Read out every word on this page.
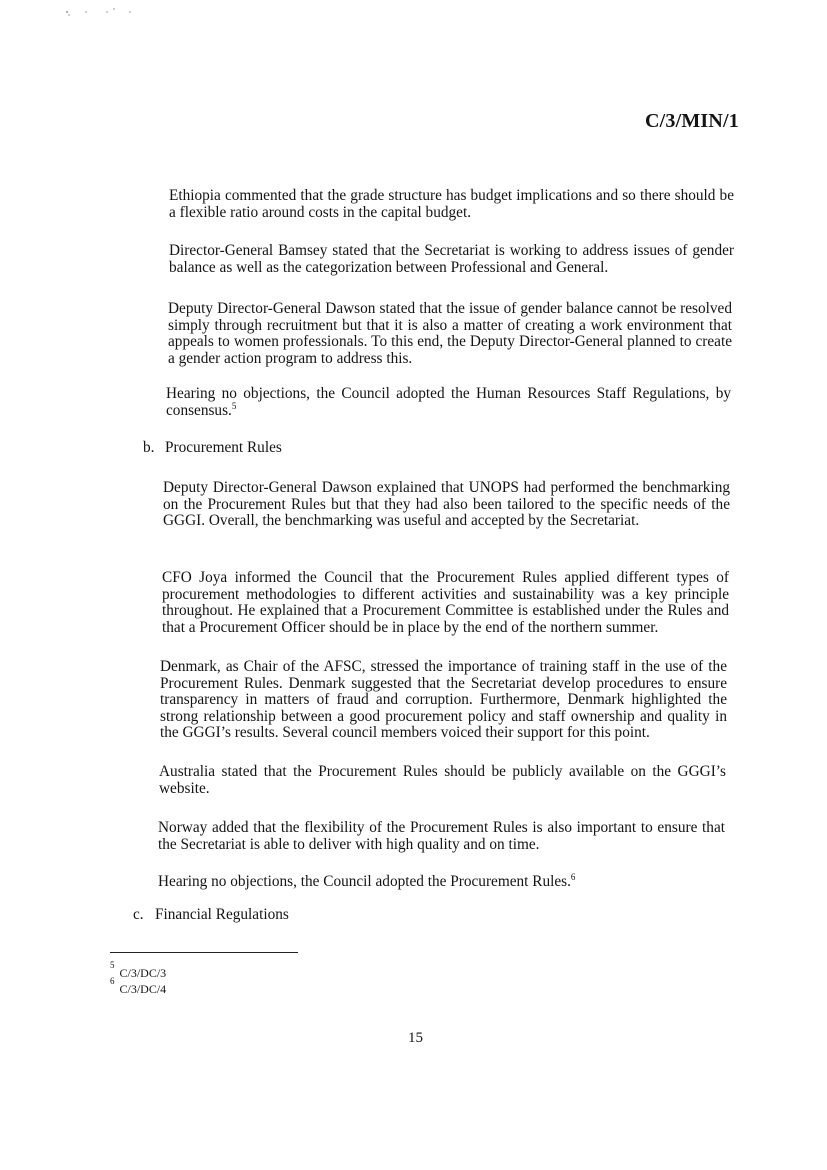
C/3/MIN/1

Ethiopia commented that the grade structure has budget implications and so there should be a flexible ratio around costs in the capital budget.

Director-General Bamsey stated that the Secretariat is working to address issues of gender balance as well as the categorization between Professional and General.

Deputy Director-General Dawson stated that the issue of gender balance cannot be resolved simply through recruitment but that it is also a matter of creating a work environment that appeals to women professionals. To this end, the Deputy Director-General planned to create a gender action program to address this.

Hearing no objections, the Council adopted the Human Resources Staff Regulations, by consensus.$^5$

b. Procurement Rules

Deputy Director-General Dawson explained that UNOPS had performed the benchmarking on the Procurement Rules but that they had also been tailored to the specific needs of the GGGI. Overall, the benchmarking was useful and accepted by the Secretariat.

CFO Joya informed the Council that the Procurement Rules applied different types of procurement methodologies to different activities and sustainability was a key principle throughout. He explained that a Procurement Committee is established under the Rules and that a Procurement Officer should be in place by the end of the northern summer.

Denmark, as Chair of the AFSC, stressed the importance of training staff in the use of the Procurement Rules. Denmark suggested that the Secretariat develop procedures to ensure transparency in matters of fraud and corruption. Furthermore, Denmark highlighted the strong relationship between a good procurement policy and staff ownership and quality in the GGGI’s results. Several council members voiced their support for this point.

Australia stated that the Procurement Rules should be publicly available on the GGGI’s website.

Norway added that the flexibility of the Procurement Rules is also important to ensure that the Secretariat is able to deliver with high quality and on time.

Hearing no objections, the Council adopted the Procurement Rules.$^6$

c. Financial Regulations
$^5$C/3/DC/3
$^6$C/3/DC/4
15
